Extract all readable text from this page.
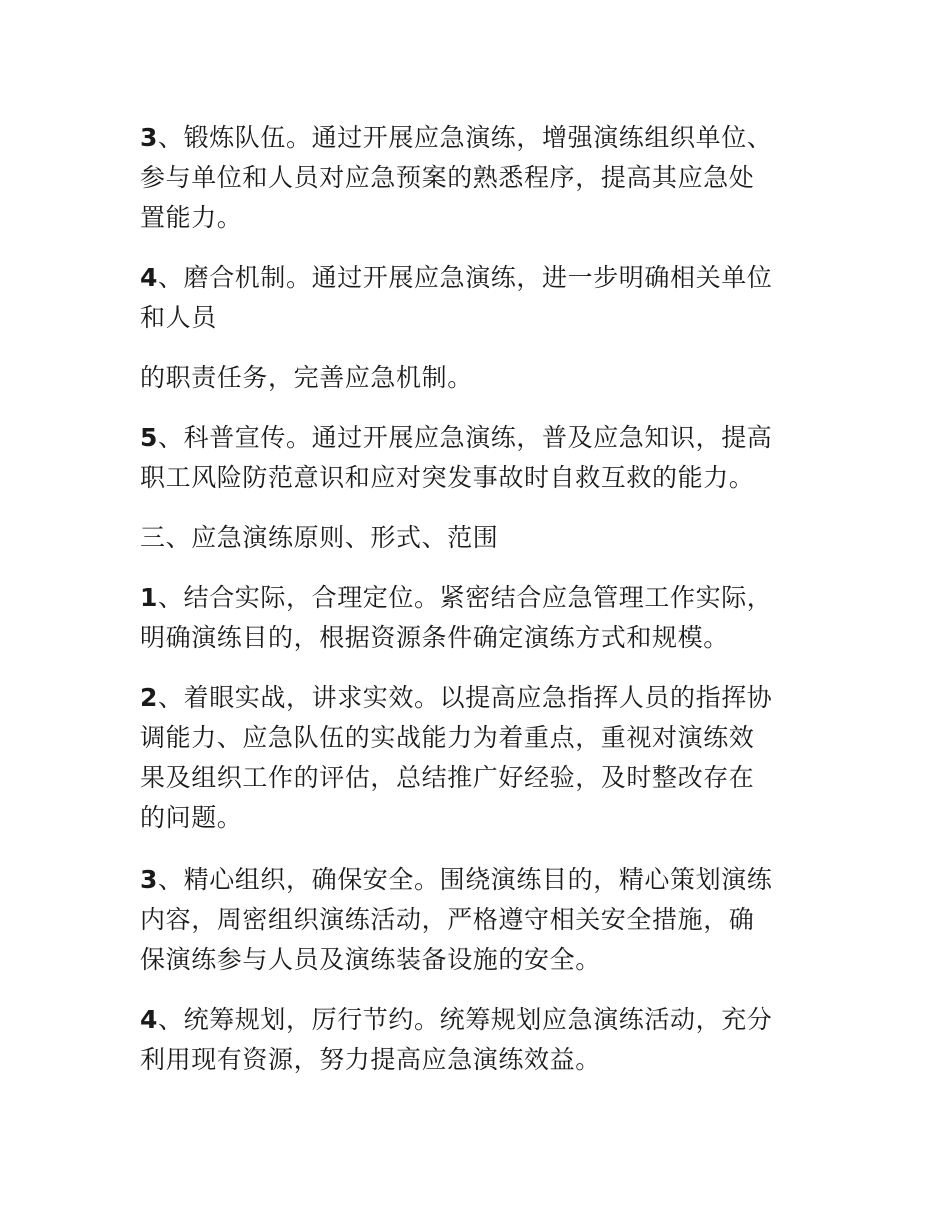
3、锻炼队伍。通过开展应急演练，增强演练组织单位、
参与单位和人员对应急预案的熟悉程序，提高其应急处
置能力。

4、磨合机制。通过开展应急演练，进一步明确相关单位
和人员

的职责任务，完善应急机制。

5、科普宣传。通过开展应急演练，普及应急知识，提高
职工风险防范意识和应对突发事故时自救互救的能力。

三、应急演练原则、形式、范围

1、结合实际，合理定位。紧密结合应急管理工作实际，
明确演练目的，根据资源条件确定演练方式和规模。

2、着眼实战，讲求实效。以提高应急指挥人员的指挥协
调能力、应急队伍的实战能力为着重点，重视对演练效
果及组织工作的评估，总结推广好经验，及时整改存在
的问题。

3、精心组织，确保安全。围绕演练目的，精心策划演练
内容，周密组织演练活动，严格遵守相关安全措施，确
保演练参与人员及演练装备设施的安全。

4、统筹规划，厉行节约。统筹规划应急演练活动，充分
利用现有资源，努力提高应急演练效益。
